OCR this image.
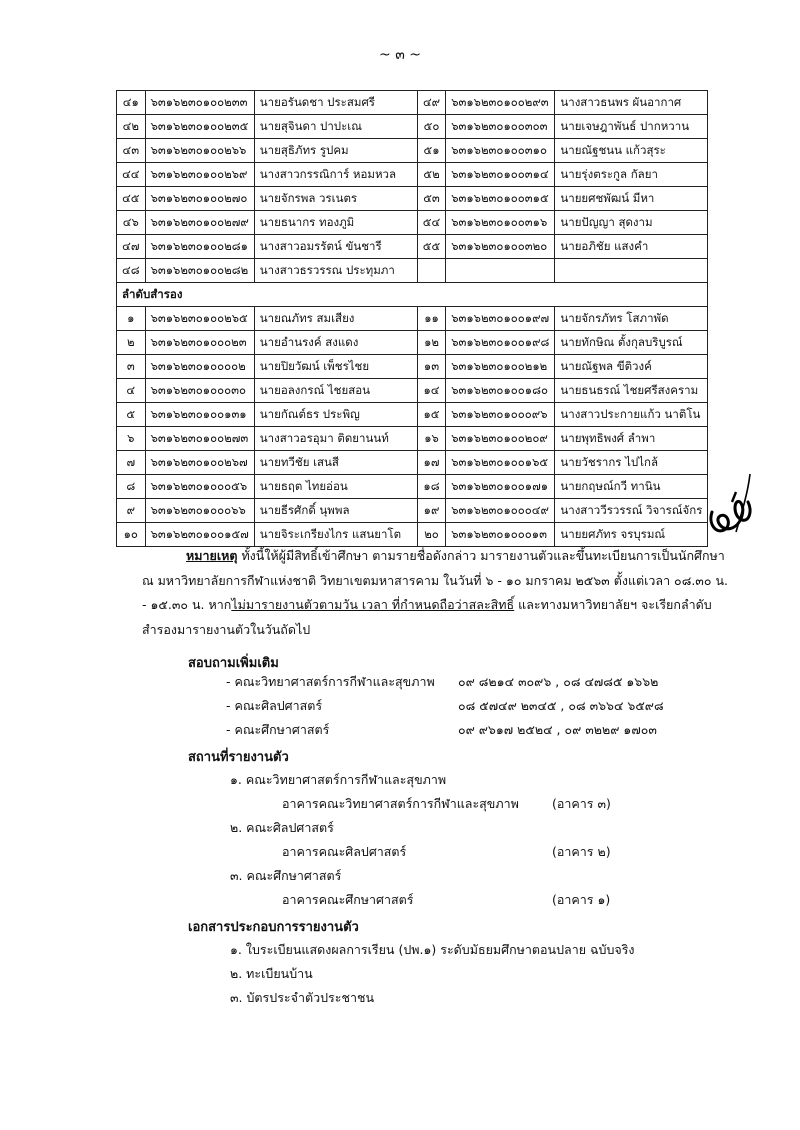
~ ๓ ~
๔๑	๖๓๑๖๒๓๐๑๐๐๒๓๓	นายอรันดชา ประสมศรี	๔๙	๖๓๑๖๒๓๐๑๐๐๒๙๓	นางสาวธนพร ผันอากาศ
๔๒	๖๓๑๖๒๓๐๑๐๐๒๓๕	นายสุจินดา ปาปะเณ	๕๐	๖๓๑๖๒๓๐๑๐๐๓๐๓	นายเจษฎาพันธ์ ปากหวาน
๔๓	๖๓๑๖๒๓๐๑๐๐๒๖๖	นายสุธิภัทร รูปคม	๕๑	๖๓๑๖๒๓๐๑๐๐๓๑๐	นายณัฐชนน แก้วสุระ
๔๔	๖๓๑๖๒๓๐๑๐๐๒๖๙	นางสาวกรรณิการ์ หอมหวล	๕๒	๖๓๑๖๒๓๐๑๐๐๓๑๔	นายรุ่งตระกูล กัลยา
๔๕	๖๓๑๖๒๓๐๑๐๐๒๗๐	นายจักรพล วรเนตร	๕๓	๖๓๑๖๒๓๐๑๐๐๓๑๕	นายยศชพัฒน์ มีหา
๔๖	๖๓๑๖๒๓๐๑๐๐๒๗๙	นายธนากร ทองภูมิ	๕๔	๖๓๑๖๒๓๐๑๐๐๓๑๖	นายปัญญา สุดงาม
๔๗	๖๓๑๖๒๓๐๑๐๐๒๘๑	นางสาวอมรรัตน์ ขันชารี	๕๕	๖๓๑๖๒๓๐๑๐๐๓๒๐	นายอภิชัย แสงคำ
๔๘	๖๓๑๖๒๓๐๑๐๐๒๘๒	นางสาวธรวรรณ ประทุมภา			
ลำดับสำรอง					
๑	๖๓๑๖๒๓๐๑๐๐๒๖๕	นายณภัทร สมเสียง	๑๑	๖๓๑๖๒๓๐๑๐๐๑๙๗	นายจักรภัทร โสภาพัด
๒	๖๓๑๖๒๓๐๑๐๐๐๒๓	นายอำนรงค์ สงแดง	๑๒	๖๓๑๖๒๓๐๑๐๐๑๙๘	นายทักษิณ ตั้งกุลบริบูรณ์
๓	๖๓๑๖๒๓๐๑๐๐๐๐๒	นายปิยวัฒน์ เพ็ชรไชย	๑๓	๖๓๑๖๒๓๐๑๐๐๒๑๒	นายณัฐพล ขีติวงค์
๔	๖๓๑๖๒๓๐๑๐๐๐๓๐	นายอลงกรณ์ ไชยสอน	๑๔	๖๓๑๖๒๓๐๑๐๐๑๘๐	นายธนธรณ์ ไชยศรีสงคราม
๕	๖๓๑๖๒๓๐๑๐๐๑๓๑	นายกัณต์ธร ประพิญ	๑๕	๖๓๑๖๒๓๐๑๐๐๐๙๖	นางสาวประกายแก้ว นาติโน
๖	๖๓๑๖๒๓๐๑๐๐๒๗๓	นางสาวอรอุมา ติดยานนท์	๑๖	๖๓๑๖๒๓๐๑๐๐๒๐๙	นายพุทธิพงศ์ ลำพา
๗	๖๓๑๖๒๓๐๑๐๐๒๖๗	นายทวีชัย เสนสี	๑๗	๖๓๑๖๒๓๐๑๐๐๑๖๕	นายวัชรากร ไปไกล้
๘	๖๓๑๖๒๓๐๑๐๐๐๕๖	นายธฤต ไทยอ่อน	๑๘	๖๓๑๖๒๓๐๑๐๐๑๗๑	นายกฤษณ์กวี ทานิน
๙	๖๓๑๖๒๓๐๑๐๐๐๖๖	นายธีรศักดิ์ นุพพล	๑๙	๖๓๑๖๒๓๐๑๐๐๐๔๙	นางสาววีรวรรณ์ วิจารณ์จักร
๑๐	๖๓๑๖๒๓๐๑๐๐๑๕๗	นายจิระเกรียงไกร แสนยาโต	๒๐	๖๓๑๖๒๓๐๑๐๐๐๑๓	นายยศภัทร จรบุรมณ์

หมายเหตุ ทั้งนี้ให้ผู้มีสิทธิ์เข้าศึกษา ตามรายชื่อดังกล่าว มารายงานตัวและขึ้นทะเบียนการเป็นนักศึกษา ณ มหาวิทยาลัยการกีฬาแห่งชาติ วิทยาเขตมหาสารคาม ในวันที่ ๖ - ๑๐ มกราคม ๒๕๖๓ ตั้งแต่เวลา ๐๘.๓๐ น. - ๑๕.๓๐ น. หากไม่มารายงานตัวตามวัน เวลา ที่กำหนดถือว่าสละสิทธิ์ และทางมหาวิทยาลัยฯ จะเรียกลำดับสำรองมารายงานตัวในวันถัดไป

สอบถามเพิ่มเติม
- คณะวิทยาศาสตร์การกีฬาและสุขภาพ ๐๙ ๘๒๑๔ ๓๐๙๖ , ๐๘ ๔๗๘๕ ๑๖๖๒
- คณะศิลปศาสตร์	๐๘ ๕๗๔๙ ๒๓๔๕ , ๐๘ ๓๖๖๔ ๖๕๙๘
- คณะศึกษาศาสตร์	๐๙ ๙๖๑๗ ๒๕๒๔ , ๐๙ ๓๒๒๙ ๑๗๐๓
สถานที่รายงานตัว
๑. คณะวิทยาศาสตร์การกีฬาและสุขภาพ
อาคารคณะวิทยาศาสตร์การกีฬาและสุขภาพ	(อาคาร ๓)
๒. คณะศิลปศาสตร์
อาคารคณะศิลปศาสตร์	(อาคาร ๒)
๓. คณะศึกษาศาสตร์
อาคารคณะศึกษาศาสตร์	(อาคาร ๑)
เอกสารประกอบการรายงานตัว
๑. ใบระเบียนแสดงผลการเรียน (ปพ.๑) ระดับมัธยมศึกษาตอนปลาย ฉบับจริง
๒. ทะเบียนบ้าน
๓. บัตรประจำตัวประชาชน
